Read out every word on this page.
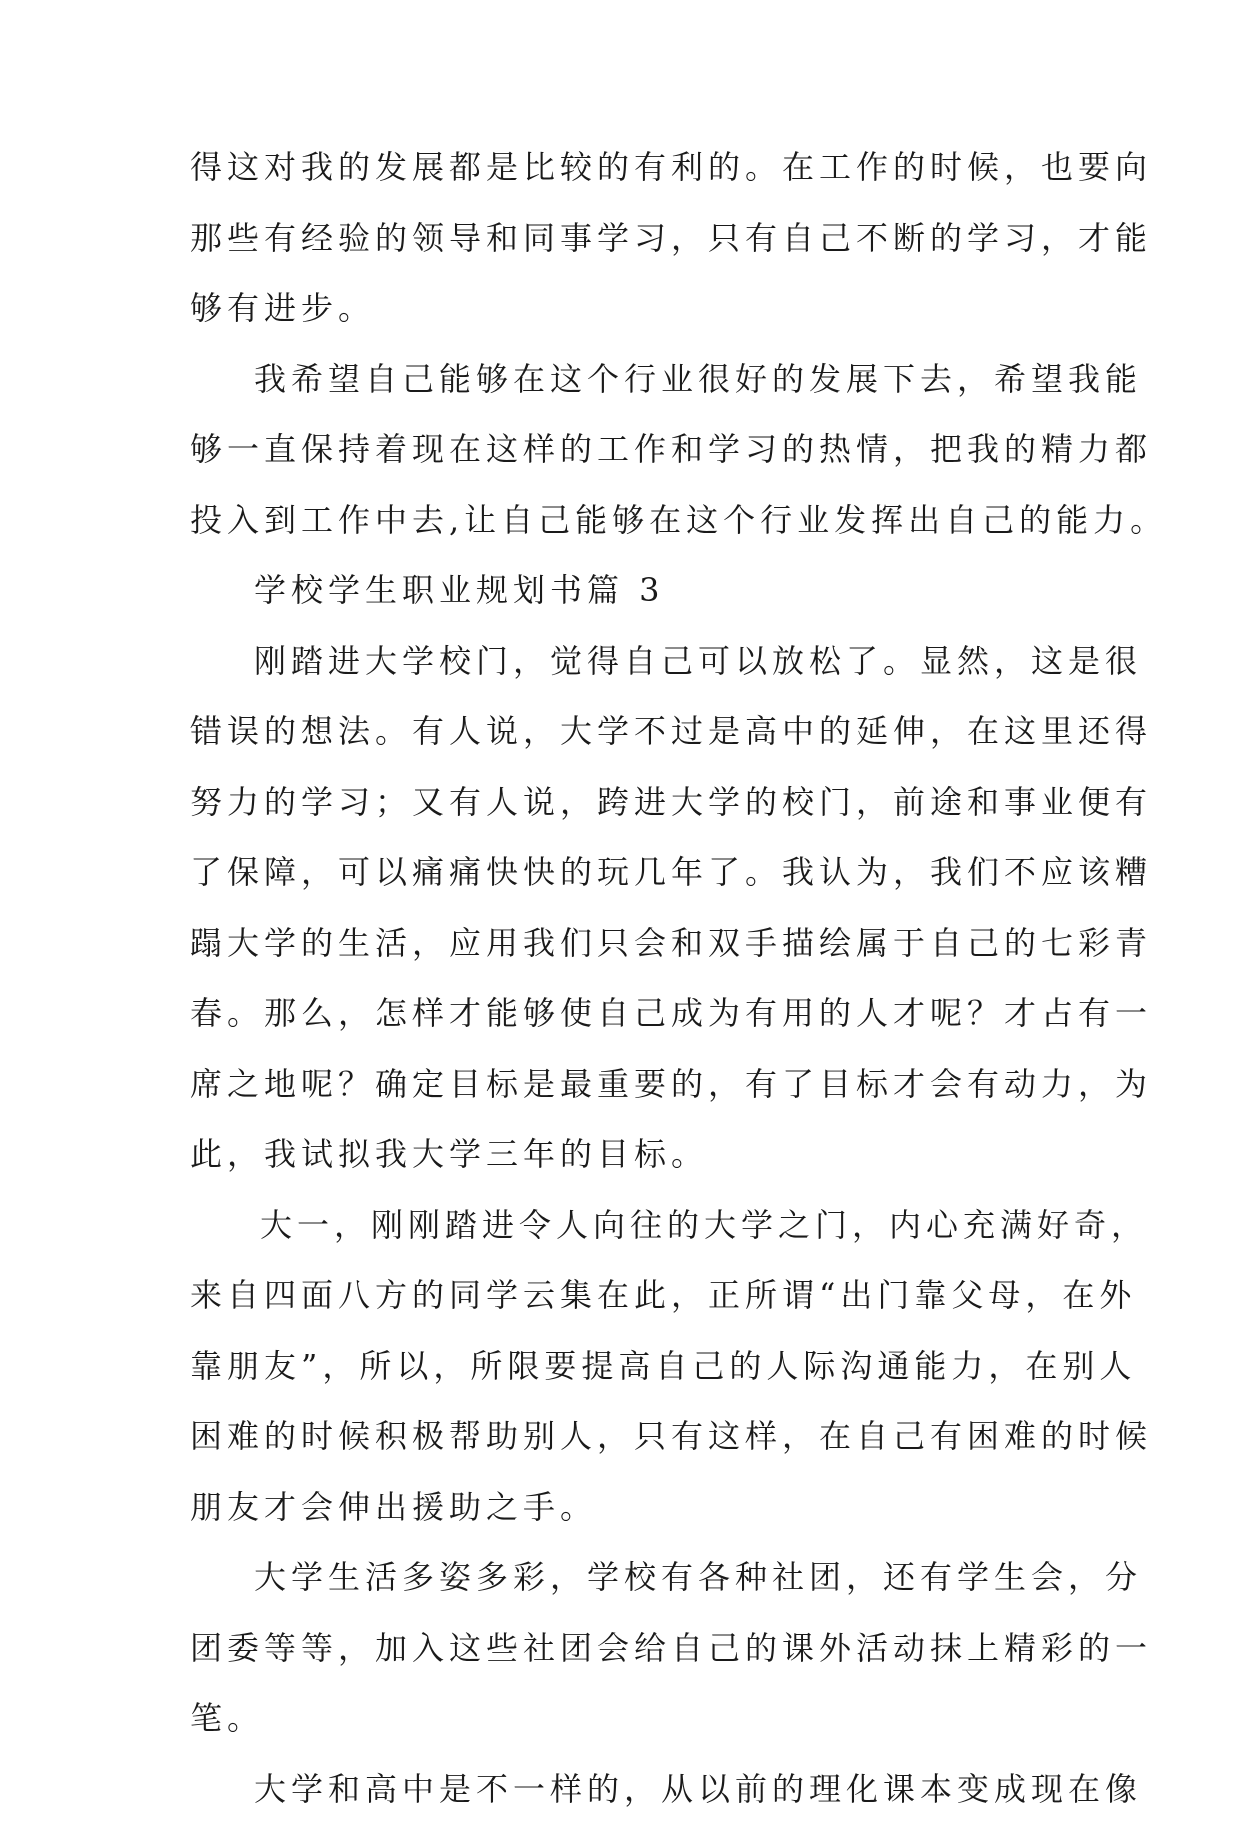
得这对我的发展都是比较的有利的。在工作的时候，也要向
那些有经验的领导和同事学习，只有自己不断的学习，才能
够有进步。
我希望自己能够在这个行业很好的发展下去，希望我能
够一直保持着现在这样的工作和学习的热情，把我的精力都
投入到工作中去,让自己能够在这个行业发挥出自己的能力。
学校学生职业规划书篇 3
刚踏进大学校门，觉得自己可以放松了。显然，这是很
错误的想法。有人说，大学不过是高中的延伸，在这里还得
努力的学习；又有人说，跨进大学的校门，前途和事业便有
了保障，可以痛痛快快的玩几年了。我认为，我们不应该糟
蹋大学的生活，应用我们只会和双手描绘属于自己的七彩青
春。那么，怎样才能够使自己成为有用的人才呢？才占有一
席之地呢？确定目标是最重要的，有了目标才会有动力，为
此，我试拟我大学三年的目标。
大一，刚刚踏进令人向往的大学之门，内心充满好奇，
来自四面八方的同学云集在此，正所谓“出门靠父母，在外
靠朋友”，所以，所限要提高自己的人际沟通能力，在别人
困难的时候积极帮助别人，只有这样，在自己有困难的时候
朋友才会伸出援助之手。
大学生活多姿多彩，学校有各种社团，还有学生会，分
团委等等，加入这些社团会给自己的课外活动抹上精彩的一
笔。
大学和高中是不一样的，从以前的理化课本变成现在像
